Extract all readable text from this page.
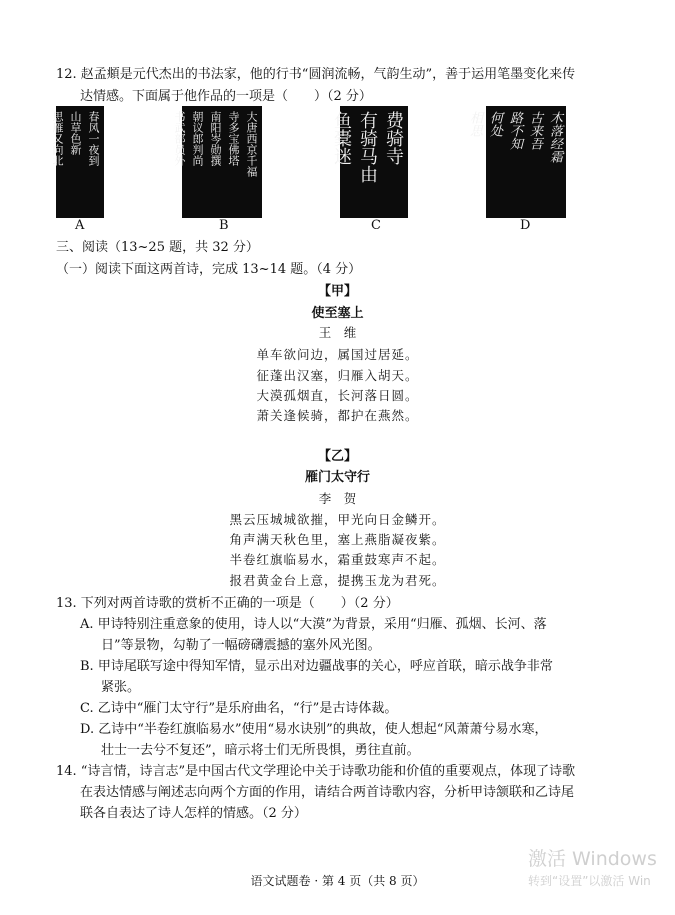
12. 赵孟頫是元代杰出的书法家，他的行书“圆润流畅，气韵生动”，善于运用笔墨变化来传
达情感。下面属于他作品的一项是（　　）（2 分）
春风一夜到
山草色新
思雁又向北	大唐西京千福
寺多宝佛塔
南阳岑勋撰
朝议郎判尚
书武部员外	费骑寺
有骑马由
鱼橐迷	木落经霜
古来吾
路不知
何处
相思
A	B	C	D
三、阅读（13~25 题，共 32 分）
（一）阅读下面这两首诗，完成 13~14 题。（4 分）
【甲】
使至塞上
王　维
单车欲问边，属国过居延。
征蓬出汉塞，归雁入胡天。
大漠孤烟直，长河落日圆。
萧关逢候骑，都护在燕然。
【乙】
雁门太守行
李　贺
黑云压城城欲摧，甲光向日金鳞开。
角声满天秋色里，塞上燕脂凝夜紫。
半卷红旗临易水，霜重鼓寒声不起。
报君黄金台上意，提携玉龙为君死。
13. 下列对两首诗歌的赏析不正确的一项是（　　）（2 分）
A. 甲诗特别注重意象的使用，诗人以“大漠”为背景，采用“归雁、孤烟、长河、落
日”等景物，勾勒了一幅磅礴震撼的塞外风光图。
B. 甲诗尾联写途中得知军情，显示出对边疆战事的关心，呼应首联，暗示战争非常
紧张。
C. 乙诗中“雁门太守行”是乐府曲名，“行”是古诗体裁。
D. 乙诗中“半卷红旗临易水”使用“易水诀别”的典故，使人想起“风萧萧兮易水寒，
壮士一去兮不复还”，暗示将士们无所畏惧，勇往直前。
14. “诗言情，诗言志”是中国古代文学理论中关于诗歌功能和价值的重要观点，体现了诗歌
在表达情感与阐述志向两个方面的作用，请结合两首诗歌内容，分析甲诗颔联和乙诗尾
联各自表达了诗人怎样的情感。（2 分）
语文试题卷 · 第 4 页（共 8 页）
激活 Windows
转到“设置”以激活 Win
